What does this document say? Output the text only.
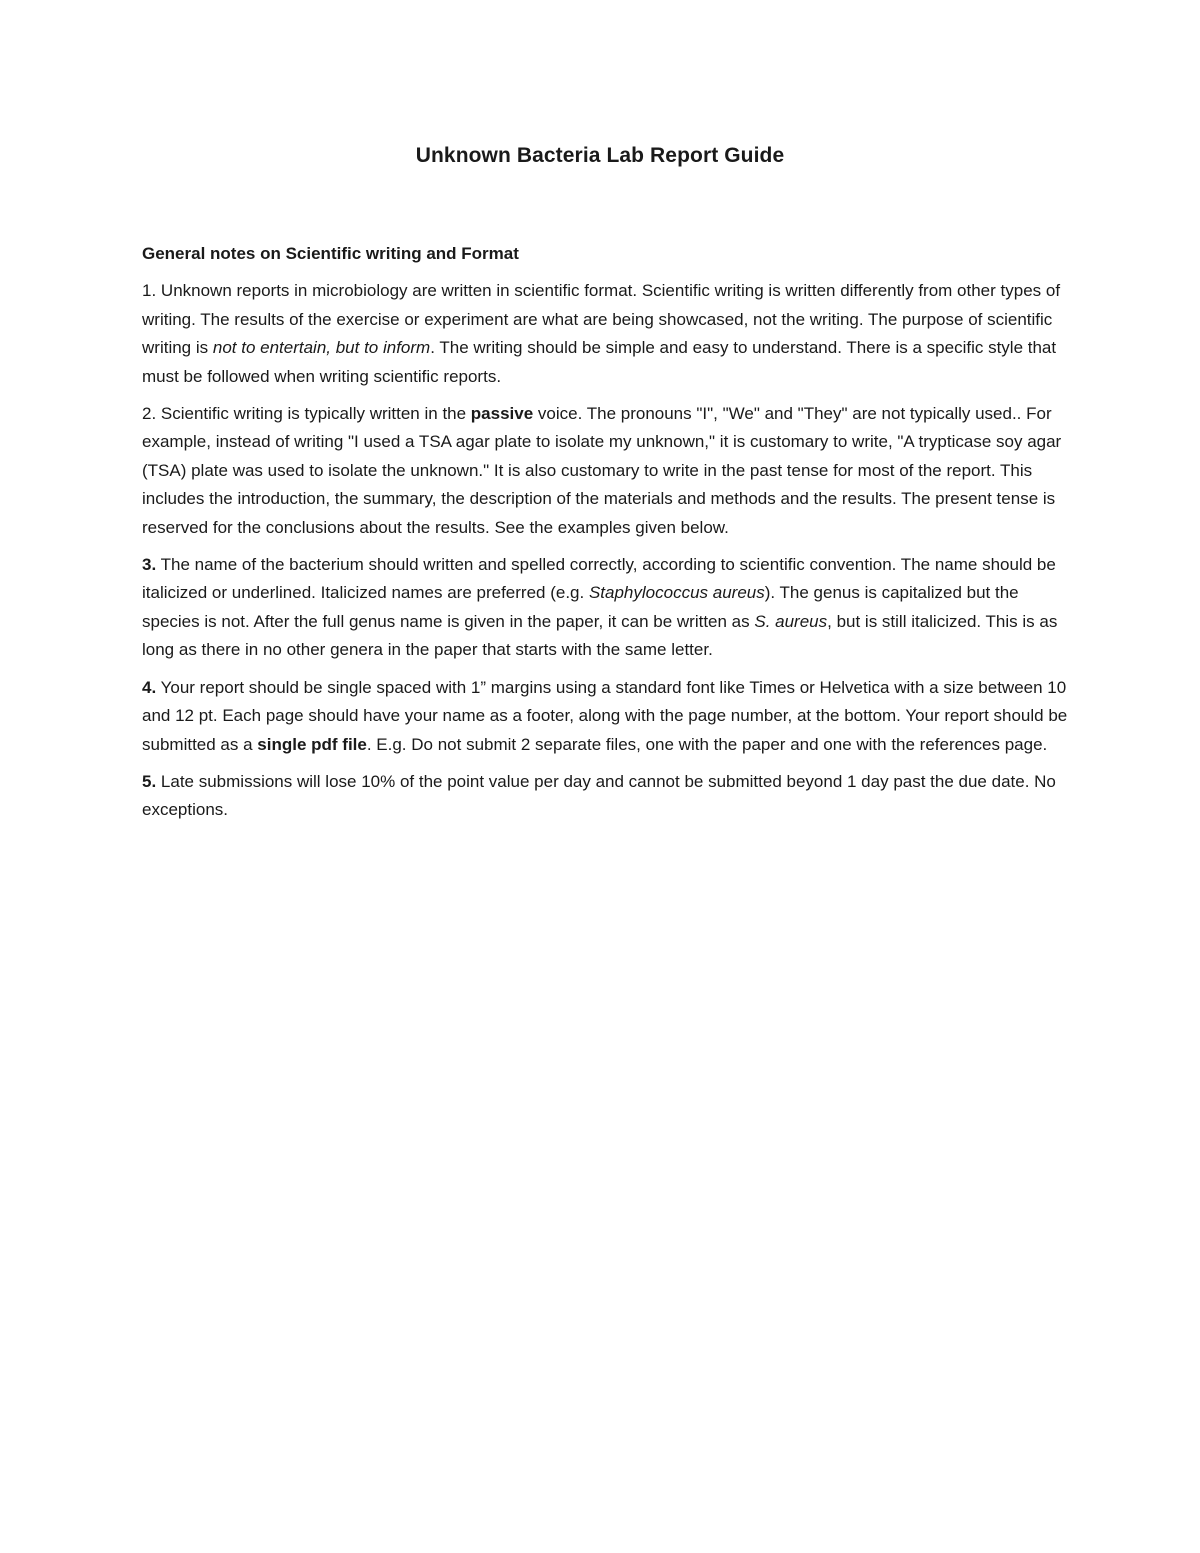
Unknown Bacteria Lab Report Guide

General notes on Scientific writing and Format

1. Unknown reports in microbiology are written in scientific format. Scientific writing is written differently from other types of writing. The results of the exercise or experiment are what are being showcased, not the writing. The purpose of scientific writing is not to entertain, but to inform. The writing should be simple and easy to understand. There is a specific style that must be followed when writing scientific reports.

2. Scientific writing is typically written in the passive voice. The pronouns "I", "We" and "They" are not typically used.. For example, instead of writing "I used a TSA agar plate to isolate my unknown," it is customary to write, "A trypticase soy agar (TSA) plate was used to isolate the unknown." It is also customary to write in the past tense for most of the report. This includes the introduction, the summary, the description of the materials and methods and the results. The present tense is reserved for the conclusions about the results. See the examples given below.

3. The name of the bacterium should written and spelled correctly, according to scientific convention. The name should be italicized or underlined. Italicized names are preferred (e.g. Staphylococcus aureus). The genus is capitalized but the species is not. After the full genus name is given in the paper, it can be written as S. aureus, but is still italicized. This is as long as there in no other genera in the paper that starts with the same letter.

4. Your report should be single spaced with 1” margins using a standard font like Times or Helvetica with a size between 10 and 12 pt. Each page should have your name as a footer, along with the page number, at the bottom. Your report should be submitted as a single pdf file. E.g. Do not submit 2 separate files, one with the paper and one with the references page.

5. Late submissions will lose 10% of the point value per day and cannot be submitted beyond 1 day past the due date. No exceptions.
